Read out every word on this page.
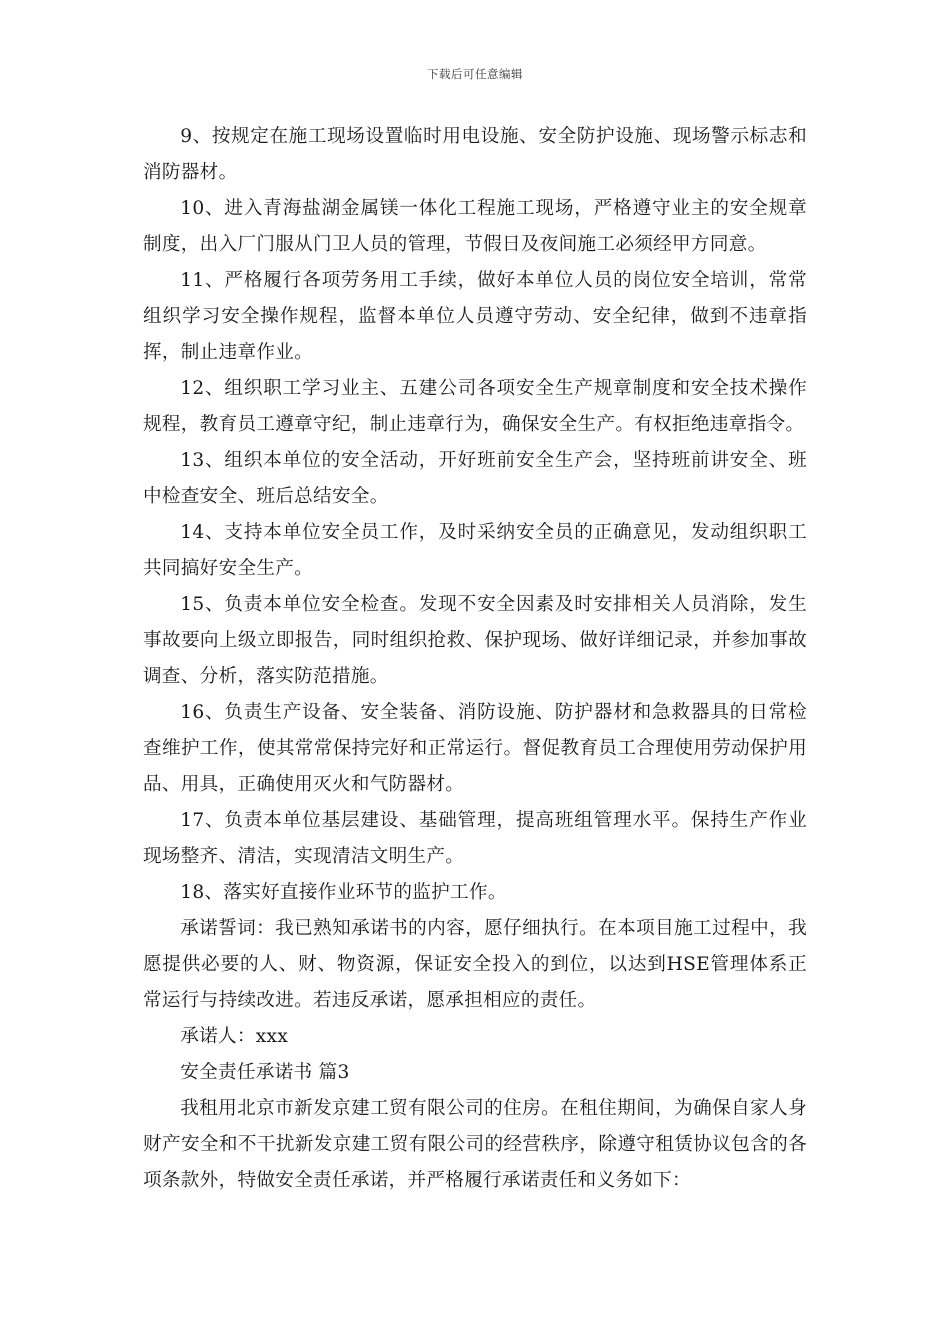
下载后可任意编辑

9、按规定在施工现场设置临时用电设施、安全防护设施、现场警示标志和消防器材。

10、进入青海盐湖金属镁一体化工程施工现场，严格遵守业主的安全规章制度，出入厂门服从门卫人员的管理，节假日及夜间施工必须经甲方同意。

11、严格履行各项劳务用工手续，做好本单位人员的岗位安全培训，常常组织学习安全操作规程，监督本单位人员遵守劳动、安全纪律，做到不违章指挥，制止违章作业。

12、组织职工学习业主、五建公司各项安全生产规章制度和安全技术操作规程，教育员工遵章守纪，制止违章行为，确保安全生产。有权拒绝违章指令。

13、组织本单位的安全活动，开好班前安全生产会，坚持班前讲安全、班中检查安全、班后总结安全。

14、支持本单位安全员工作，及时采纳安全员的正确意见，发动组织职工共同搞好安全生产。

15、负责本单位安全检查。发现不安全因素及时安排相关人员消除，发生事故要向上级立即报告，同时组织抢救、保护现场、做好详细记录，并参加事故调查、分析，落实防范措施。

16、负责生产设备、安全装备、消防设施、防护器材和急救器具的日常检查维护工作，使其常常保持完好和正常运行。督促教育员工合理使用劳动保护用品、用具，正确使用灭火和气防器材。

17、负责本单位基层建设、基础管理，提高班组管理水平。保持生产作业现场整齐、清洁，实现清洁文明生产。

18、落实好直接作业环节的监护工作。

承诺誓词：我已熟知承诺书的内容，愿仔细执行。在本项目施工过程中，我愿提供必要的人、财、物资源，保证安全投入的到位，以达到HSE管理体系正常运行与持续改进。若违反承诺，愿承担相应的责任。

承诺人：xxx

安全责任承诺书 篇3

我租用北京市新发京建工贸有限公司的住房。在租住期间，为确保自家人身财产安全和不干扰新发京建工贸有限公司的经营秩序，除遵守租赁协议包含的各项条款外，特做安全责任承诺，并严格履行承诺责任和义务如下：
